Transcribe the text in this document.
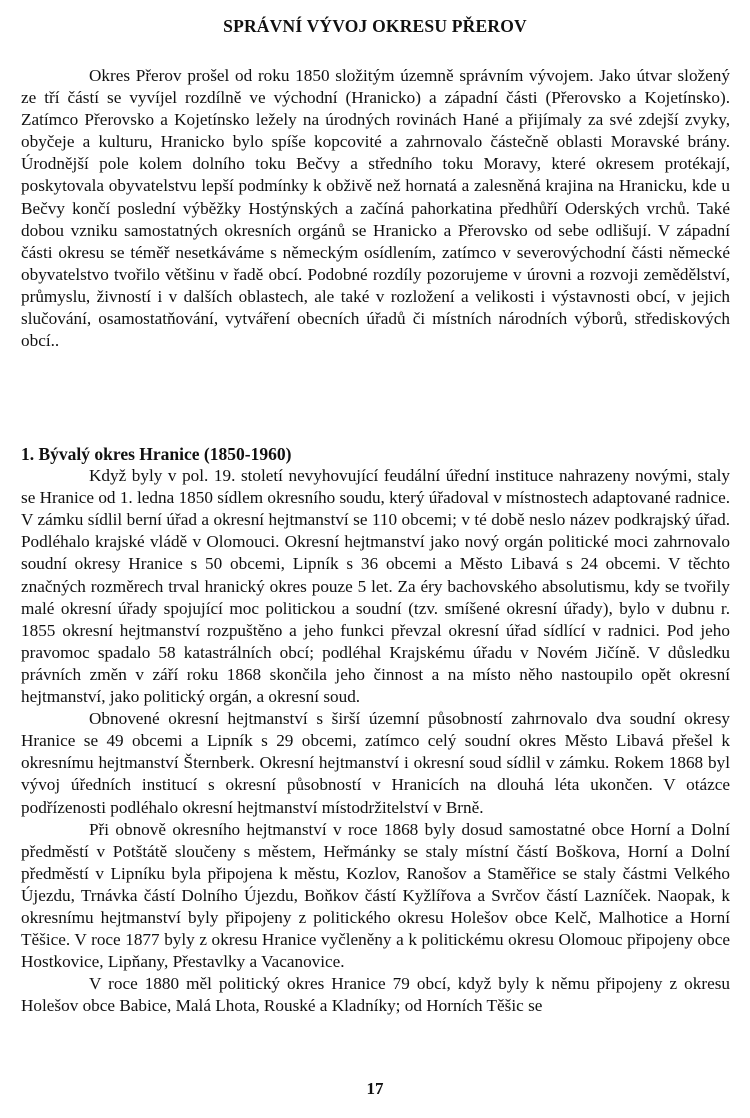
SPRÁVNÍ VÝVOJ OKRESU PŘEROV

Okres Přerov prošel od roku 1850 složitým územně správním vývojem. Jako útvar složený ze tří částí se vyvíjel rozdílně ve východní (Hranicko) a západní části (Přerovsko a Kojetínsko). Zatímco Přerovsko a Kojetínsko ležely na úrodných rovinách Hané a přijímaly za své zdejší zvyky, obyčeje a kulturu, Hranicko bylo spíše kopcovité a zahrnovalo částečně oblasti Moravské brány. Úrodnější pole kolem dolního toku Bečvy a středního toku Moravy, které okresem protékají, poskytovala obyvatelstvu lepší podmínky k obživě než hornatá a zalesněná krajina na Hranicku, kde u Bečvy končí poslední výběžky Hostýnských a začíná pahorkatina předhůří Oderských vrchů. Také dobou vzniku samostatných okresních orgánů se Hranicko a Přerovsko od sebe odlišují. V západní části okresu se téměř nesetkáváme s německým osídlením, zatímco v severovýchodní části německé obyvatelstvo tvořilo většinu v řadě obcí. Podobné rozdíly pozorujeme v úrovni a rozvoji zemědělství, průmyslu, živností i v dalších oblastech, ale také v rozložení a velikosti i výstavnosti obcí, v jejich slučování, osamostatňování, vytváření obecních úřadů či místních národních výborů, střediskových obcí..

1. Bývalý okres Hranice (1850-1960)

Když byly v pol. 19. století nevyhovující feudální úřední instituce nahrazeny novými, staly se Hranice od 1. ledna 1850 sídlem okresního soudu, který úřadoval v místnostech adaptované radnice. V zámku sídlil berní úřad a okresní hejtmanství se 110 obcemi; v té době neslo název podkrajský úřad. Podléhalo krajské vládě v Olomouci. Okresní hejtmanství jako nový orgán politické moci zahrnovalo soudní okresy Hranice s 50 obcemi, Lipník s 36 obcemi a Město Libavá s 24 obcemi. V těchto značných rozměrech trval hranický okres pouze 5 let. Za éry bachovského absolutismu, kdy se tvořily malé okresní úřady spojující moc politickou a soudní (tzv. smíšené okresní úřady), bylo v dubnu r. 1855 okresní hejtmanství rozpuštěno a jeho funkci převzal okresní úřad sídlící v radnici. Pod jeho pravomoc spadalo 58 katastrálních obcí; podléhal Krajskému úřadu v Novém Jičíně. V důsledku právních změn v září roku 1868 skončila jeho činnost a na místo něho nastoupilo opět okresní hejtmanství, jako politický orgán, a okresní soud.

Obnovené okresní hejtmanství s širší územní působností zahrnovalo dva soudní okresy Hranice se 49 obcemi a Lipník s 29 obcemi, zatímco celý soudní okres Město Libavá přešel k okresnímu hejtmanství Šternberk. Okresní hejtmanství i okresní soud sídlil v zámku. Rokem 1868 byl vývoj úředních institucí s okresní působností v Hranicích na dlouhá léta ukončen. V otázce podřízenosti podléhalo okresní hejtmanství místodržitelství v Brně.

Při obnově okresního hejtmanství v roce 1868 byly dosud samostatné obce Horní a Dolní předměstí v Potštátě sloučeny s městem, Heřmánky se staly místní částí Boškova, Horní a Dolní předměstí v Lipníku byla připojena k městu, Kozlov, Ranošov a Staměřice se staly částmi Velkého Újezdu, Trnávka částí Dolního Újezdu, Boňkov částí Kyžlířova a Svrčov částí Lazníček. Naopak, k okresnímu hejtmanství byly připojeny z politického okresu Holešov obce Kelč, Malhotice a Horní Těšice. V roce 1877 byly z okresu Hranice vyčleněny a k politickému okresu Olomouc připojeny obce Hostkovice, Lipňany, Přestavlky a Vacanovice.

V roce 1880 měl politický okres Hranice 79 obcí, když byly k němu připojeny z okresu Holešov obce Babice, Malá Lhota, Rouské a Kladníky; od Horních Těšic se

17
